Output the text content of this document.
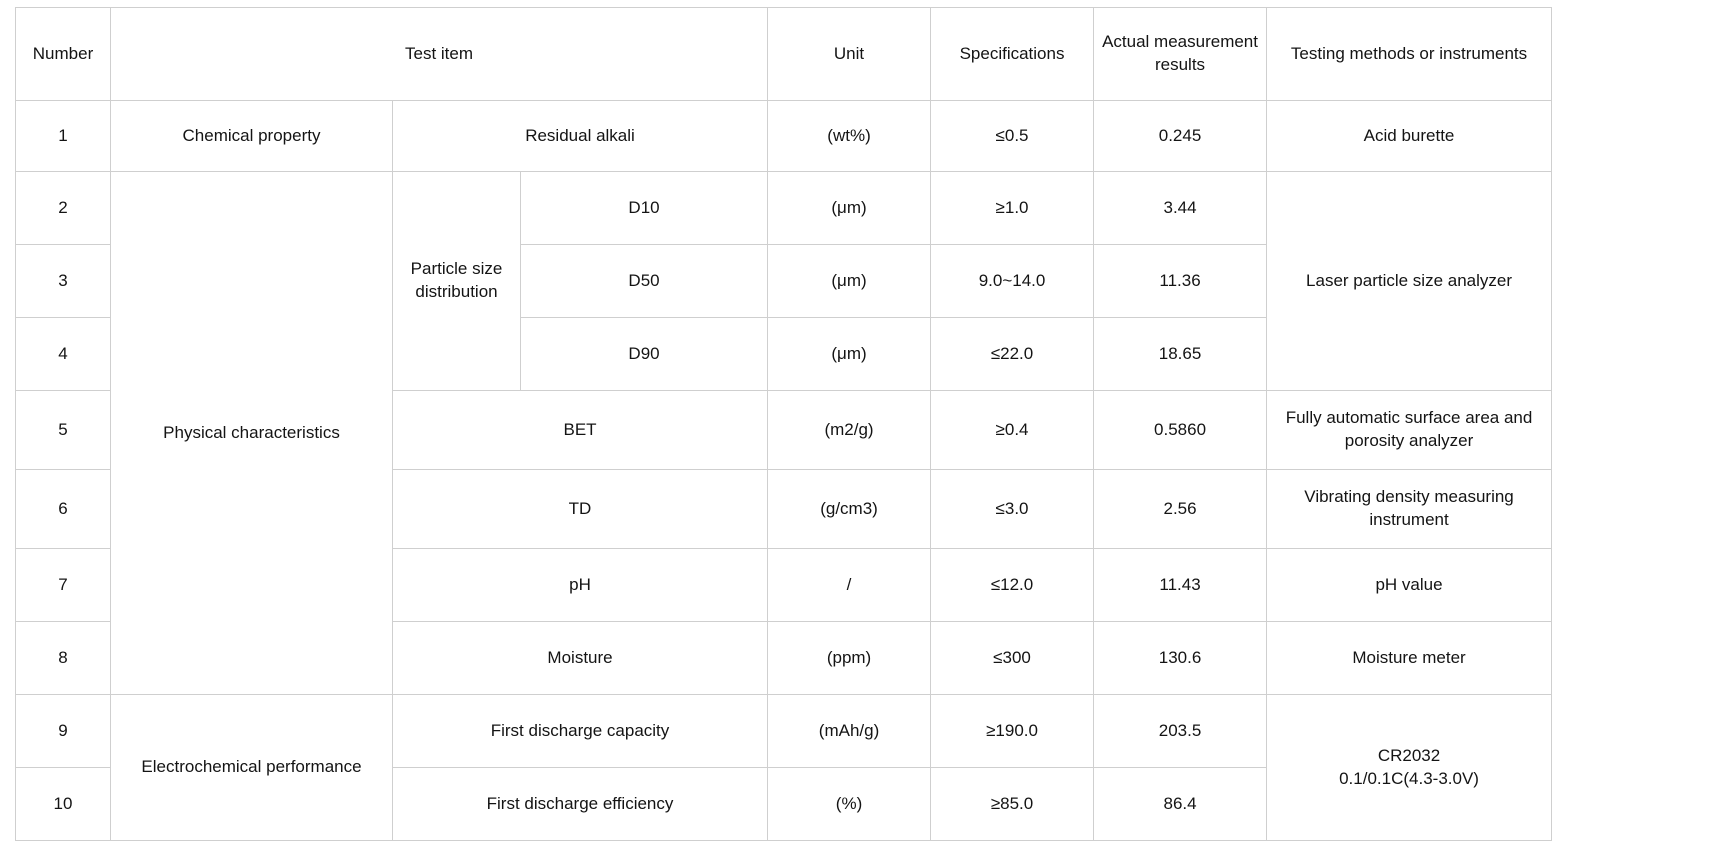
Number	Test item			Unit	Specifications	Actual measurement results	Testing methods or instruments
1	Chemical property	Residual alkali		(wt%)	≤0.5	0.245	Acid burette
2	Physical characteristics	Particle size distribution	D10	(μm)	≥1.0	3.44	Laser particle size analyzer
3			D50	(μm)	9.0~14.0	11.36	
4			D90	(μm)	≤22.0	18.65	
5		BET		(m2/g)	≥0.4	0.5860	Fully automatic surface area and porosity analyzer
6		TD		(g/cm3)	≤3.0	2.56	Vibrating density measuring instrument
7		pH		/	≤12.0	11.43	pH value
8		Moisture		(ppm)	≤300	130.6	Moisture meter
9	Electrochemical performance	First discharge capacity		(mAh/g)	≥190.0	203.5	CR2032
0.1/0.1C(4.3-3.0V)

10		First discharge efficiency		(%)	≥85.0	86.4	
